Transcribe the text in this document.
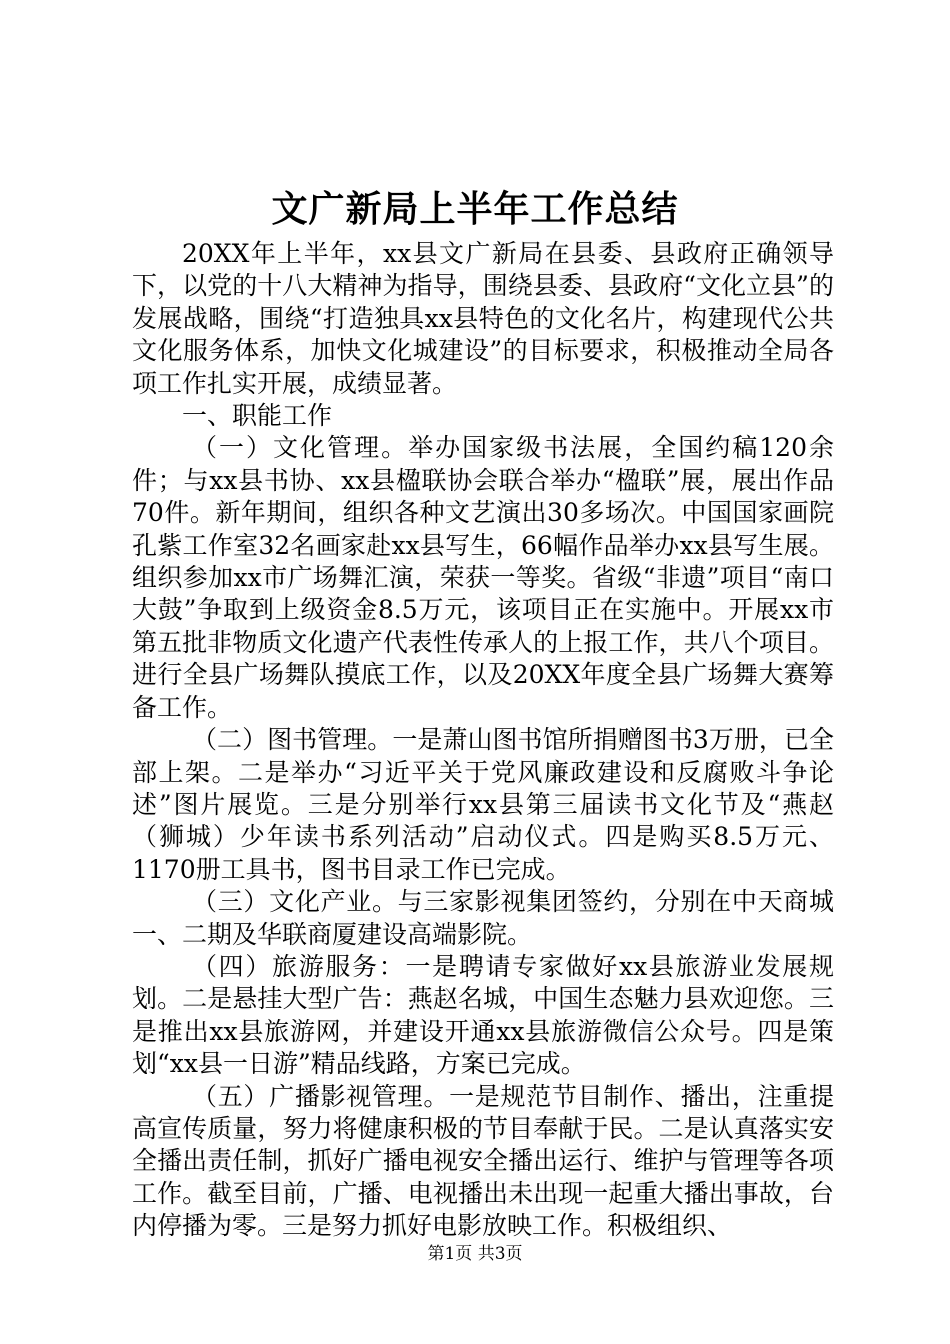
文广新局上半年工作总结

20XX年上半年，xx县文广新局在县委、县政府正确领导下，以党的十八大精神为指导，围绕县委、县政府“文化立县”的发展战略，围绕“打造独具xx县特色的文化名片，构建现代公共文化服务体系，加快文化城建设”的目标要求，积极推动全局各项工作扎实开展，成绩显著。

一、职能工作

（一）文化管理。举办国家级书法展，全国约稿120余件；与xx县书协、xx县楹联协会联合举办“楹联”展，展出作品70件。新年期间，组织各种文艺演出30多场次。中国国家画院孔紫工作室32名画家赴xx县写生，66幅作品举办xx县写生展。组织参加xx市广场舞汇演，荣获一等奖。省级“非遗”项目“南口大鼓”争取到上级资金8.5万元，该项目正在实施中。开展xx市第五批非物质文化遗产代表性传承人的上报工作，共八个项目。进行全县广场舞队摸底工作，以及20XX年度全县广场舞大赛筹备工作。

（二）图书管理。一是萧山图书馆所捐赠图书3万册，已全部上架。二是举办“习近平关于党风廉政建设和反腐败斗争论述”图片展览。三是分别举行xx县第三届读书文化节及“燕赵（狮城）少年读书系列活动”启动仪式。四是购买8.5万元、1170册工具书，图书目录工作已完成。

（三）文化产业。与三家影视集团签约，分别在中天商城一、二期及华联商厦建设高端影院。

（四）旅游服务：一是聘请专家做好xx县旅游业发展规划。二是悬挂大型广告：燕赵名城，中国生态魅力县欢迎您。三是推出xx县旅游网，并建设开通xx县旅游微信公众号。四是策划“xx县一日游”精品线路，方案已完成。

（五）广播影视管理。一是规范节目制作、播出，注重提高宣传质量，努力将健康积极的节目奉献于民。二是认真落实安全播出责任制，抓好广播电视安全播出运行、维护与管理等各项工作。截至目前，广播、电视播出未出现一起重大播出事故，台内停播为零。三是努力抓好电影放映工作。积极组织、

第1页 共3页
